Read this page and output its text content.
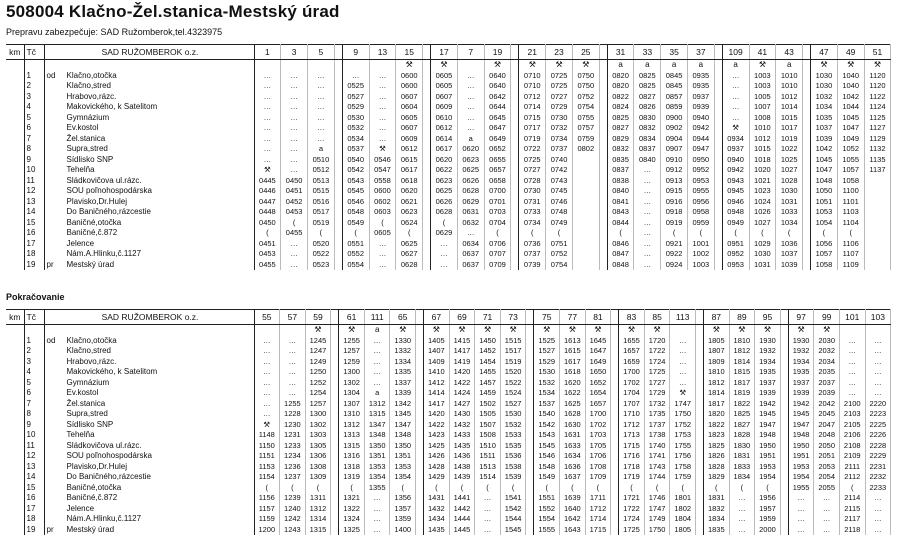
508004 Klačno-Žel.stanica-Mestský úrad
Prepravu zabezpečuje: SAD Ružomberok,tel.4323975
km	Tč	SAD RUŽOMBEROK o.z.	1	3	5		9	13	15		17	7	19		21	23	25		31	33	35	37		109	41	43		47	49	51
									⚒		⚒		⚒		⚒	⚒	⚒		a	a	a	a		a	⚒	a		⚒	⚒	⚒
	1	od Klačno,otočka	…	…	…		…	…	0600		0605	…	0640		0710	0725	0750		0820	0825	0845	0935		…	1003	1010		1030	1040	1120
	2	Klačno,stred	…	…	…		0525	…	0600		0605	…	0640		0710	0725	0750		0820	0825	0845	0935		…	1003	1010		1030	1040	1120
	3	Hrabovo,rázc.	…	…	…		0527	…	0607		0607	…	0642		0712	0727	0752		0822	0827	0857	0937		…	1005	1012		1032	1042	1122
	4	Makovického, k Satelitom	…	…	…		0529	…	0604		0609	…	0644		0714	0729	0754		0824	0826	0859	0939		…	1007	1014		1034	1044	1124
	5	Gymnázium	…	…	…		0530	…	0605		0610	…	0645		0715	0730	0755		0825	0830	0900	0940		…	1008	1015		1035	1045	1125
	6	Ev.kostol	…	…	…		0532	…	0607		0612	…	0647		0717	0732	0757		0827	0832	0902	0942		⚒	1010	1017		1037	1047	1127
	7	Žel.stanica	…	…	…		0534	…	0609		0614	a	0649		0719	0734	0759		0829	0834	0904	0944		0934	1012	1019		1039	1049	1129
	8	Supra,stred	…	…	a		0537	⚒	0612		0617	0620	0652		0722	0737	0802		0832	0837	0907	0947		0937	1015	1022		1042	1052	1132
	9	Sídlisko SNP	…	…	0510		0540	0546	0615		0620	0623	0655		0725	0740			0835	0840	0910	0950		0940	1018	1025		1045	1055	1135
	10	Tehelňa	⚒	…	0512		0542	0547	0617		0622	0625	0657		0727	0742			0837	…	0912	0952		0942	1020	1027		1047	1057	1137
	11	Sládkovičova ul.rázc.	0445	0450	0513		0543	0558	0618		0623	0626	0658		0728	0743			0838	…	0913	0953		0943	1021	1028		1048	1058	
	12	SOU poľnohospodárska	0446	0451	0515		0545	0600	0620		0625	0628	0700		0730	0745			0840	…	0915	0955		0945	1023	1030		1050	1100	
	13	Plavisko,Dr.Hulej	0447	0452	0516		0546	0602	0621		0626	0629	0701		0731	0746			0841	…	0916	0956		0946	1024	1031		1051	1101	
	14	Do Baničného,rázcestie	0448	0453	0517		0548	0603	0623		0628	0631	0703		0733	0748			0843	…	0918	0958		0948	1026	1033		1053	1103	
	15	Baničné,otočka	0450	(	0519		0549	(	0624		(	0632	0704		0734	0749			0844	…	0919	0959		0949	1027	1034		1054	1104	
	16	Baničné,č.872	(	0455	(		(	0605	(		0629	…	(		(	(			(	…	(	(		(	(	(		(	(	
	17	Jelence	0451	…	0520		0551	…	0625		…	0634	0706		0736	0751			0846	…	0921	1001		0951	1029	1036		1056	1106	
	18	Nám.A.Hlinku,č.1127	0453	…	0522		0552	…	0627		…	0637	0707		0737	0752			0847	…	0922	1002		0952	1030	1037		1057	1107	
	19	pr Mestský úrad	0455	…	0523		0554	…	0628		…	0637	0709		0739	0754			0848	…	0924	1003		0953	1031	1039		1058	1109	
Pokračovanie
km	Tč	SAD RUŽOMBEROK o.z.	55	57	59		61	111	65		67	69	71	73		75	77	81		83	85	113		87	89	95		97	99	101	103
					⚒		⚒	a	⚒		⚒	⚒	⚒	⚒		⚒	⚒	⚒		⚒	⚒			⚒	⚒	⚒		⚒	⚒		
	1	od Klačno,otočka	…	…	1245		1255	…	1330		1405	1415	1450	1515		1525	1613	1645		1655	1720	…		1805	1810	1930		1930	2030	…	…
	2	Klačno,stred	…	…	1247		1257	…	1332		1407	1417	1452	1517		1527	1615	1647		1657	1722	…		1807	1812	1932		1932	2032	…	…
	3	Hrabovo,rázc.	…	…	1249		1259	…	1334		1409	1419	1454	1519		1529	1617	1649		1659	1724	…		1809	1814	1934		1934	2034	…	…
	4	Makovického, k Satelitom	…	…	1250		1300	…	1335		1410	1420	1455	1520		1530	1618	1650		1700	1725	…		1810	1815	1935		1935	2035	…	…
	5	Gymnázium	…	…	1252		1302	…	1337		1412	1422	1457	1522		1532	1620	1652		1702	1727	…		1812	1817	1937		1937	2037	…	…
	6	Ev.kostol	…	…	1254		1304	a	1339		1414	1424	1459	1524		1534	1622	1654		1704	1729	⚒		1814	1819	1939		1939	2039	…	…
	7	Žel.stanica	…	1255	1257		1307	1312	1342		1417	1427	1502	1527		1537	1625	1657		1707	1732	1747		1817	1822	1942		1942	2042	2100	2220
	8	Supra,stred	…	1228	1300		1310	1315	1345		1420	1430	1505	1530		1540	1628	1700		1710	1735	1750		1820	1825	1945		1945	2045	2103	2223
	9	Sídlisko SNP	⚒	1230	1302		1312	1347	1347		1422	1432	1507	1532		1542	1630	1702		1712	1737	1752		1822	1827	1947		1947	2047	2105	2225
	10	Tehelňa	1148	1231	1303		1313	1348	1348		1423	1433	1508	1533		1543	1631	1703		1713	1738	1753		1823	1828	1948		1948	2048	2106	2226
	11	Sládkovičova ul.rázc.	1150	1233	1305		1315	1350	1350		1425	1435	1510	1535		1545	1633	1705		1715	1740	1755		1825	1830	1950		1950	2050	2108	2228
	12	SOU poľnohospodárska	1151	1234	1306		1316	1351	1351		1426	1436	1511	1536		1546	1634	1706		1716	1741	1756		1826	1831	1951		1951	2051	2109	2229
	13	Plavisko,Dr.Hulej	1153	1236	1308		1318	1353	1353		1428	1438	1513	1538		1548	1636	1708		1718	1743	1758		1828	1833	1953		1953	2053	2111	2231
	14	Do Baničného,rázcestie	1154	1237	1309		1319	1354	1354		1429	1439	1514	1539		1549	1637	1709		1719	1744	1759		1829	1834	1954		1954	2054	2112	2232
	15	Baničné,otočka	(	(	(		(	1355	(		(	(	(	(		(	(	(		(	(	(		(	(	(		1955	2055	(	2233
	16	Baničné,č.872	1156	1239	1311		1321	…	1356		1431	1441	…	1541		1551	1639	1711		1721	1746	1801		1831	…	1956		…	…	2114	…
	17	Jelence	1157	1240	1312		1322	…	1357		1432	1442	…	1542		1552	1640	1712		1722	1747	1802		1832	…	1957		…	…	2115	…
	18	Nám.A.Hlinku,č.1127	1159	1242	1314		1324	…	1359		1434	1444	…	1544		1554	1642	1714		1724	1749	1804		1834	…	1959		…	…	2117	…
	19	pr Mestský úrad	1200	1243	1315		1325	…	1400		1435	1445	…	1545		1555	1643	1715		1725	1750	1805		1835	…	2000		…	…	2118	…
